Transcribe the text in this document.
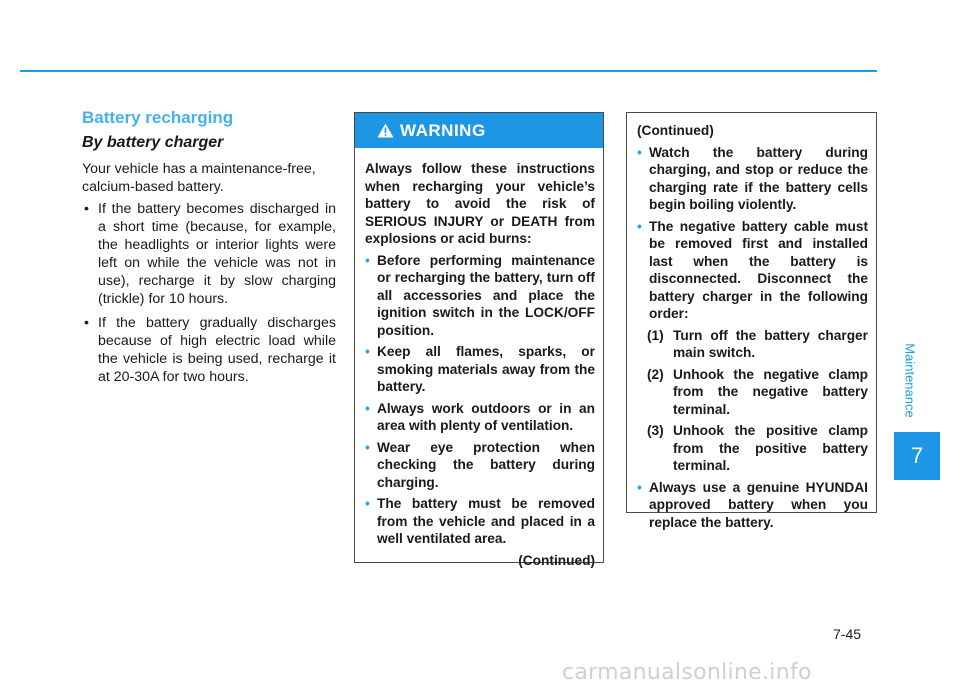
Battery recharging
By battery charger

Your vehicle has a maintenance-free, calcium-based battery.

• If the battery becomes discharged in a short time (because, for example, the headlights or interior lights were left on while the vehicle was not in use), recharge it by slow charging (trickle) for 10 hours.
• If the battery gradually discharges because of high electric load while the vehicle is being used, recharge it at 20-30A for two hours.
WARNING

Always follow these instructions when recharging your vehicle’s battery to avoid the risk of SERIOUS INJURY or DEATH from explosions or acid burns:

• Before performing maintenance or recharging the battery, turn off all accessories and place the ignition switch in the LOCK/OFF position.
• Keep all flames, sparks, or smoking materials away from the battery.
• Always work outdoors or in an area with plenty of ventilation.
• Wear eye protection when checking the battery during charging.
• The battery must be removed from the vehicle and placed in a well ventilated area.
(Continued)

(Continued)

• Watch the battery during charging, and stop or reduce the charging rate if the battery cells begin boiling violently.
• The negative battery cable must be removed first and installed last when the battery is disconnected. Disconnect the battery charger in the following order:
(1) Turn off the battery charger main switch.
(2) Unhook the negative clamp from the negative battery terminal.
(3) Unhook the positive clamp from the positive battery terminal.
• Always use a genuine HYUNDAI approved battery when you replace the battery.
Maintenance
7
7-45
carmanualsonline.info
